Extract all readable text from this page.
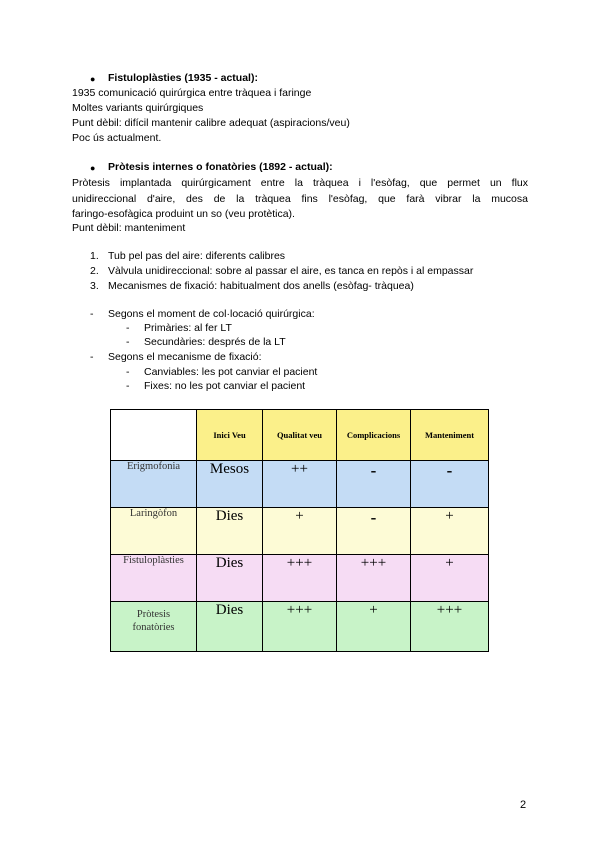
● Fistuloplàsties (1935 - actual):
1935 comunicació quirúrgica entre tràquea i faringe
Moltes variants quirúrgiques
Punt dèbil: difícil mantenir calibre adequat (aspiracions/veu)
Poc ús actualment.
● Pròtesis internes o fonatòries (1892 - actual):
Pròtesis implantada quirúrgicament entre la tràquea i l'esòfag, que permet un flux
unidireccional d'aire, des de la tràquea fins l'esòfag, que farà vibrar la mucosa
faringo-esofàgica produint un so (veu protètica).
Punt dèbil: manteniment
1. Tub pel pas del aire: diferents calibres
2. Vàlvula unidireccional: sobre al passar el aire, es tanca en repòs i al empassar
3. Mecanismes de fixació: habitualment dos anells (esòfag- tràquea)
- Segons el moment de col·locació quirúrgica:
- Primàries: al fer LT
- Secundàries: després de la LT
- Segons el mecanisme de fixació:
- Canviables: les pot canviar el pacient
- Fixes: no les pot canviar el pacient
	Inici Veu	Qualitat veu	Complicacions	Manteniment
Erigmofonia	Mesos	++	-	-
Laringòfon	Dies	+	-	+
Fistuloplàsties	Dies	+++	+++	+

Pròtesis
fonatòries	Dies	+++	+	+++
2
